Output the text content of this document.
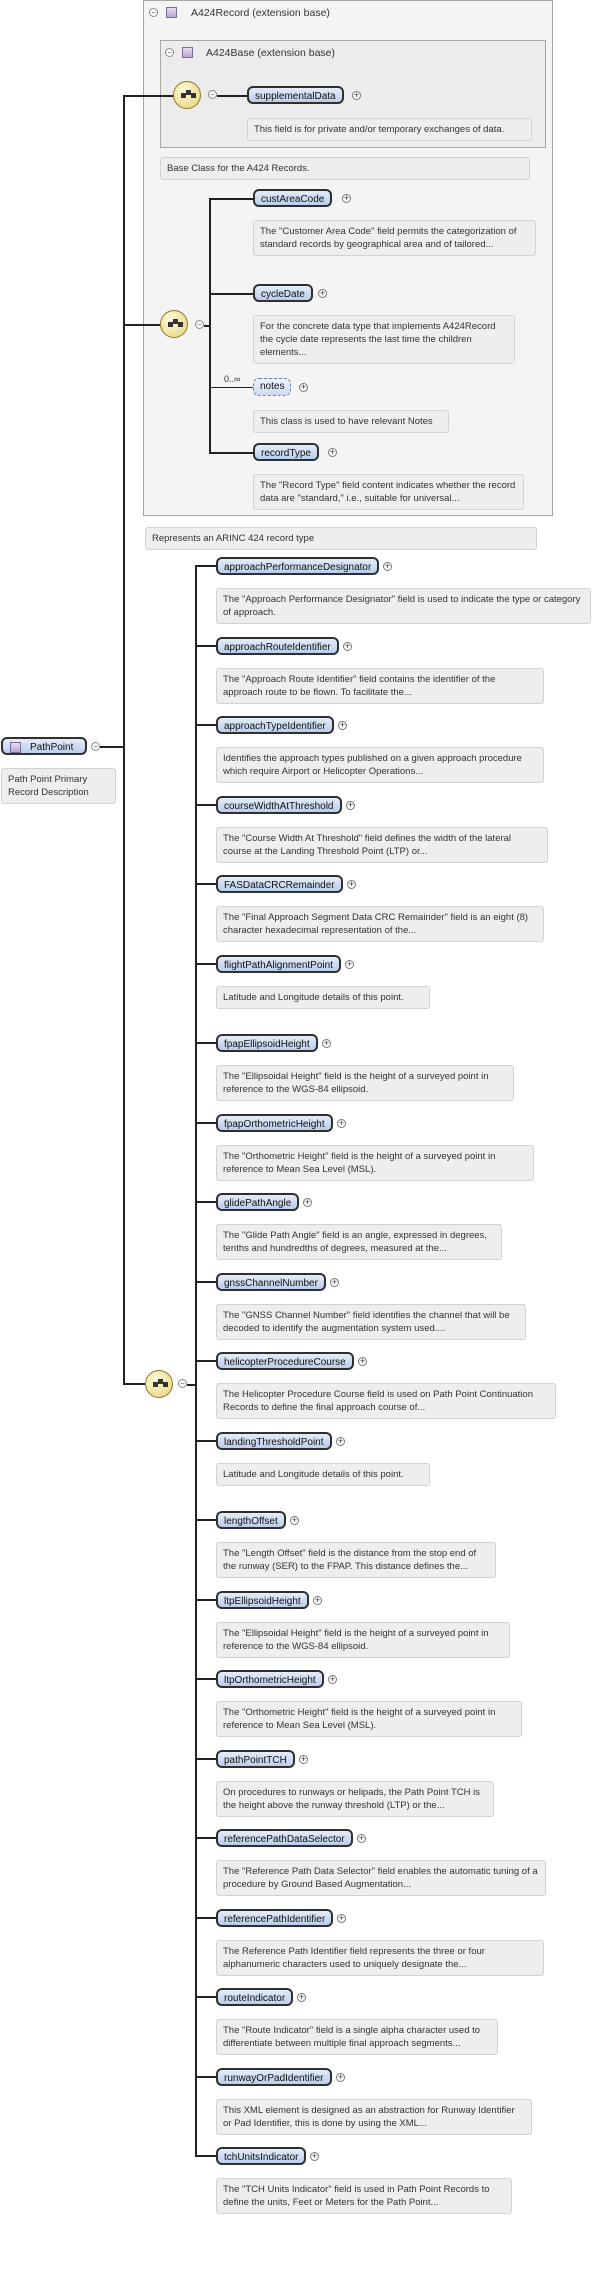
−	A424Record (extension base)
−	A424Base (extension base)
−	supplementalData	+
This field is for private and/or temporary exchanges of data.
Base Class for the A424 Records.
−
custAreaCode	+
The "Customer Area Code" field permits the categorization of standard records by geographical area and of tailored...
cycleDate	+
For the concrete data type that implements A424Record the cycle date represents the last time the children elements...
0..∞
notes	+
This class is used to have relevant Notes
recordType	+
The "Record Type" field content indicates whether the record data are "standard," i.e., suitable for universal...
Represents an ARINC 424 record type
PathPoint	−
Path Point Primary Record Description
−
approachPerformanceDesignator	+
The "Approach Performance Designator" field is used to indicate the type or category of approach.
approachRouteIdentifier	+
The "Approach Route Identifier" field contains the identifier of the approach route to be flown. To facilitate the...
approachTypeIdentifier	+
Identifies the approach types published on a given approach procedure which require Airport or Helicopter Operations...
courseWidthAtThreshold	+
The "Course Width At Threshold" field defines the width of the lateral course at the Landing Threshold Point (LTP) or...
FASDataCRCRemainder	+
The "Final Approach Segment Data CRC Remainder" field is an eight (8) character hexadecimal representation of the...
flightPathAlignmentPoint	+
Latitude and Longitude details of this point.
fpapEllipsoidHeight	+
The "Ellipsoidal Height" field is the height of a surveyed point in reference to the WGS-84 ellipsoid.
fpapOrthometricHeight	+
The "Orthometric Height" field is the height of a surveyed point in reference to Mean Sea Level (MSL).
glidePathAngle	+
The "Glide Path Angle" field is an angle, expressed in degrees, tenths and hundredths of degrees, measured at the...
gnssChannelNumber	+
The "GNSS Channel Number" field identifies the channel that will be decoded to identify the augmentation system used....
helicopterProcedureCourse	+
The Helicopter Procedure Course field is used on Path Point Continuation Records to define the final approach course of...
landingThresholdPoint	+
Latitude and Longitude details of this point.
lengthOffset	+
The "Length Offset" field is the distance from the stop end of the runway (SER) to the FPAP. This distance defines the...
ltpEllipsoidHeight	+
The "Ellipsoidal Height" field is the height of a surveyed point in reference to the WGS-84 ellipsoid.
ltpOrthometricHeight	+
The "Orthometric Height" field is the height of a surveyed point in reference to Mean Sea Level (MSL).
pathPointTCH	+
On procedures to runways or helipads, the Path Point TCH is the height above the runway threshold (LTP) or the...
referencePathDataSelector	+
The "Reference Path Data Selector" field enables the automatic tuning of a procedure by Ground Based Augmentation...
referencePathIdentifier	+
The Reference Path Identifier field represents the three or four alphanumeric characters used to uniquely designate the...
routeIndicator	+
The "Route Indicator" field is a single alpha character used to differentiate between multiple final approach segments...
runwayOrPadIdentifier	+
This XML element is designed as an abstraction for Runway Identifier or Pad Identifier, this is done by using the XML...
tchUnitsIndicator	+
The "TCH Units Indicator" field is used in Path Point Records to define the units, Feet or Meters for the Path Point...
